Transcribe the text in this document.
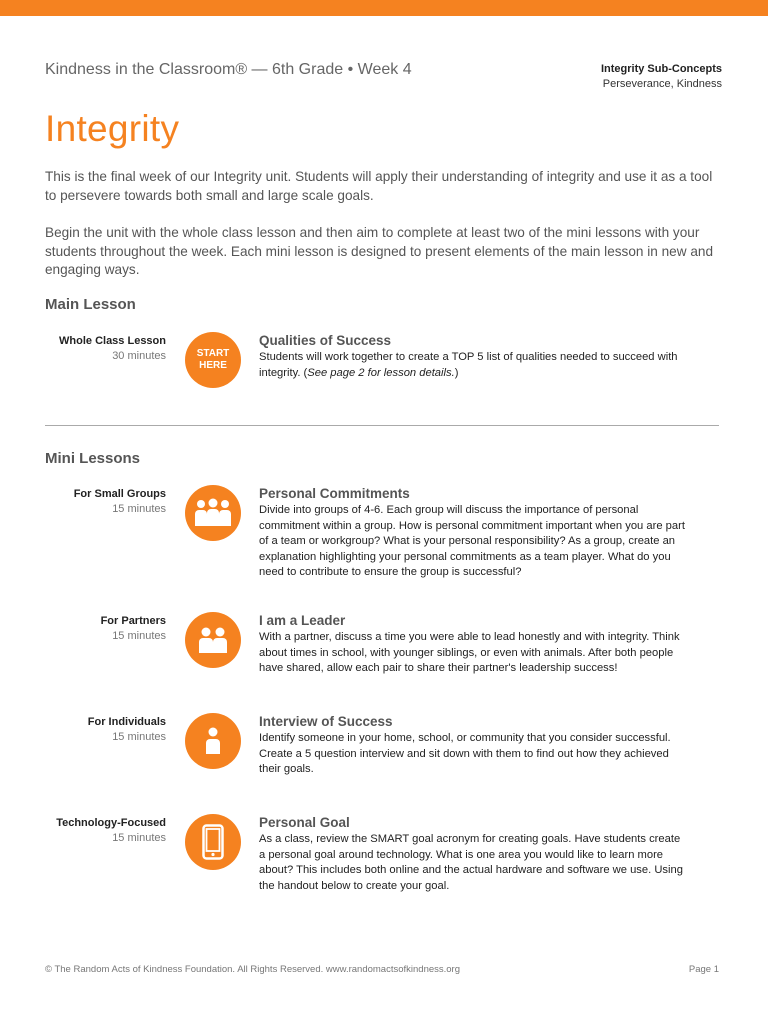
Kindness in the Classroom® — 6th Grade • Week 4	Integrity Sub-Concepts
Perseverance, Kindness
Integrity

This is the final week of our Integrity unit. Students will apply their understanding of integrity and use it as a tool to persevere towards both small and large scale goals.

Begin the unit with the whole class lesson and then aim to complete at least two of the mini lessons with your students throughout the week. Each mini lesson is designed to present elements of the main lesson in new and engaging ways.

Main Lesson
Whole Class Lesson
30 minutes	START
HERE
Qualities of Success

Students will work together to create a TOP 5 list of qualities needed to succeed with integrity. (See page 2 for lesson details.)

Mini Lessons
For Small Groups
15 minutes
Personal Commitments

Divide into groups of 4-6. Each group will discuss the importance of personal commitment within a group. How is personal commitment important when you are part of a team or workgroup? What is your personal responsibility? As a group, create an explanation highlighting your personal commitments as a team player. What do you need to contribute to ensure the group is successful?

For Partners
15 minutes
I am a Leader

With a partner, discuss a time you were able to lead honestly and with integrity. Think about times in school, with younger siblings, or even with animals. After both people have shared, allow each pair to share their partner's leadership success!

For Individuals
15 minutes
Interview of Success

Identify someone in your home, school, or community that you consider successful. Create a 5 question interview and sit down with them to find out how they achieved their goals.

Technology-Focused
15 minutes
Personal Goal

As a class, review the SMART goal acronym for creating goals. Have students create a personal goal around technology. What is one area you would like to learn more about? This includes both online and the actual hardware and software we use. Using the handout below to create your goal.

© The Random Acts of Kindness Foundation. All Rights Reserved. www.randomactsofkindness.org	Page 1
